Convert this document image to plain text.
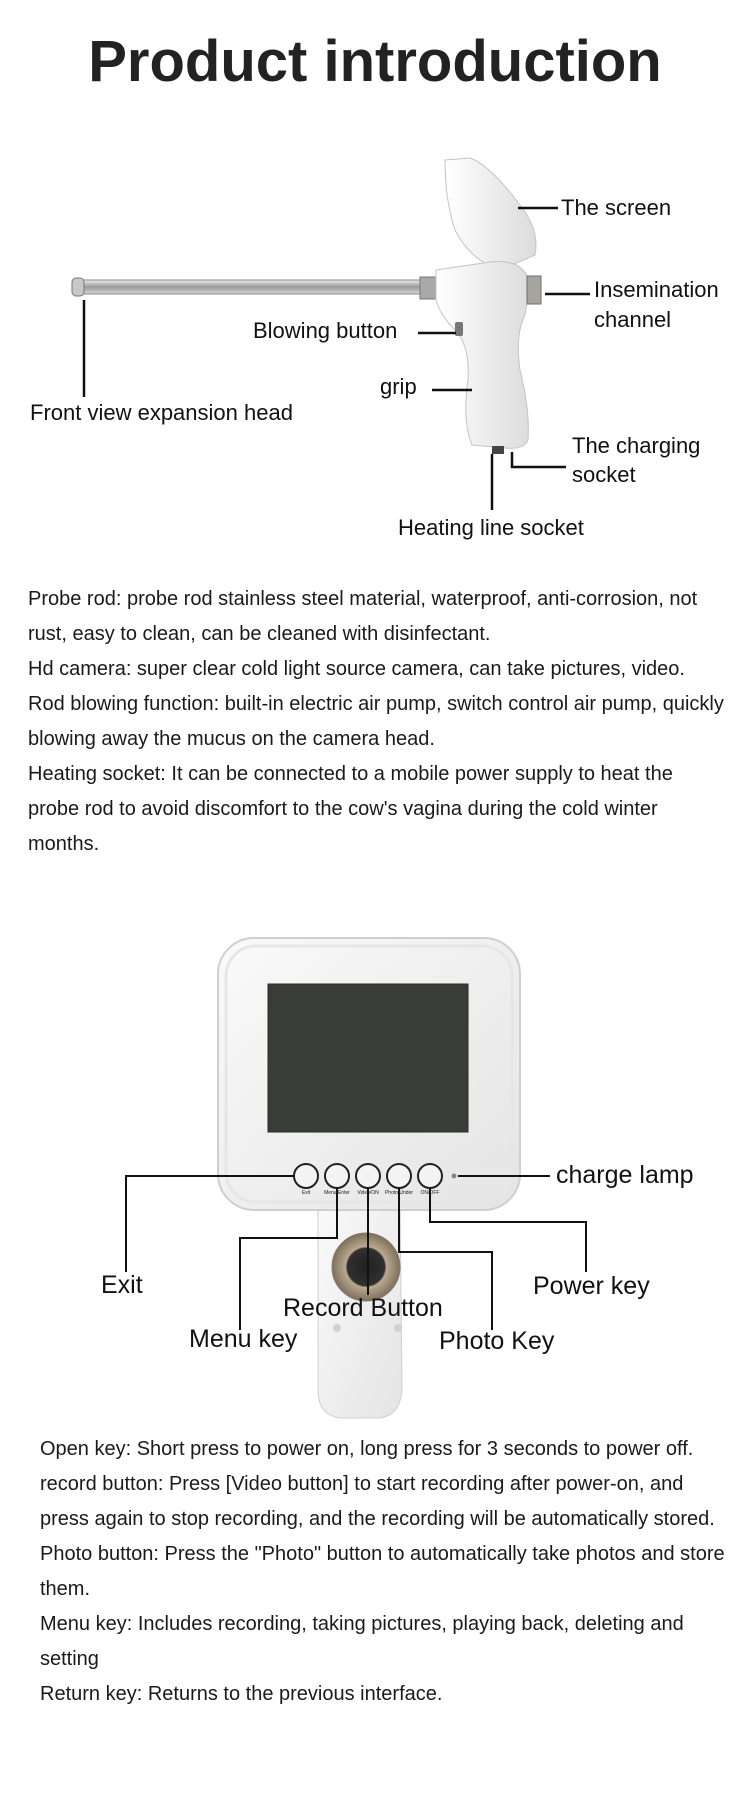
Product introduction
The screen
Insemination
channel
Blowing button
grip
Front view expansion head
The charging
socket
Heating line socket
Probe rod: probe rod stainless steel material, waterproof, anti-corrosion, not rust, easy to clean, can be cleaned with disinfectant.
Hd camera: super clear cold light source camera, can take pictures, video.
Rod blowing function: built-in electric air pump, switch control air pump, quickly blowing away the mucus on the camera head.
Heating socket: It can be connected to a mobile power supply to heat the probe rod to avoid discomfort to the cow's vagina during the cold winter months.
Exit	Menu/Enter	Video/ON	Photo/Under	ON/OFF
charge lamp
Exit	Power key
Record Button
Menu key	Photo Key
Open key: Short press to power on, long press for 3 seconds to power off.
record button: Press [Video button] to start recording after power-on, and press again to stop recording, and the recording will be automatically stored.
Photo button: Press the "Photo" button to automatically take photos and store them.
Menu key: Includes recording, taking pictures, playing back, deleting and setting
Return key: Returns to the previous interface.
